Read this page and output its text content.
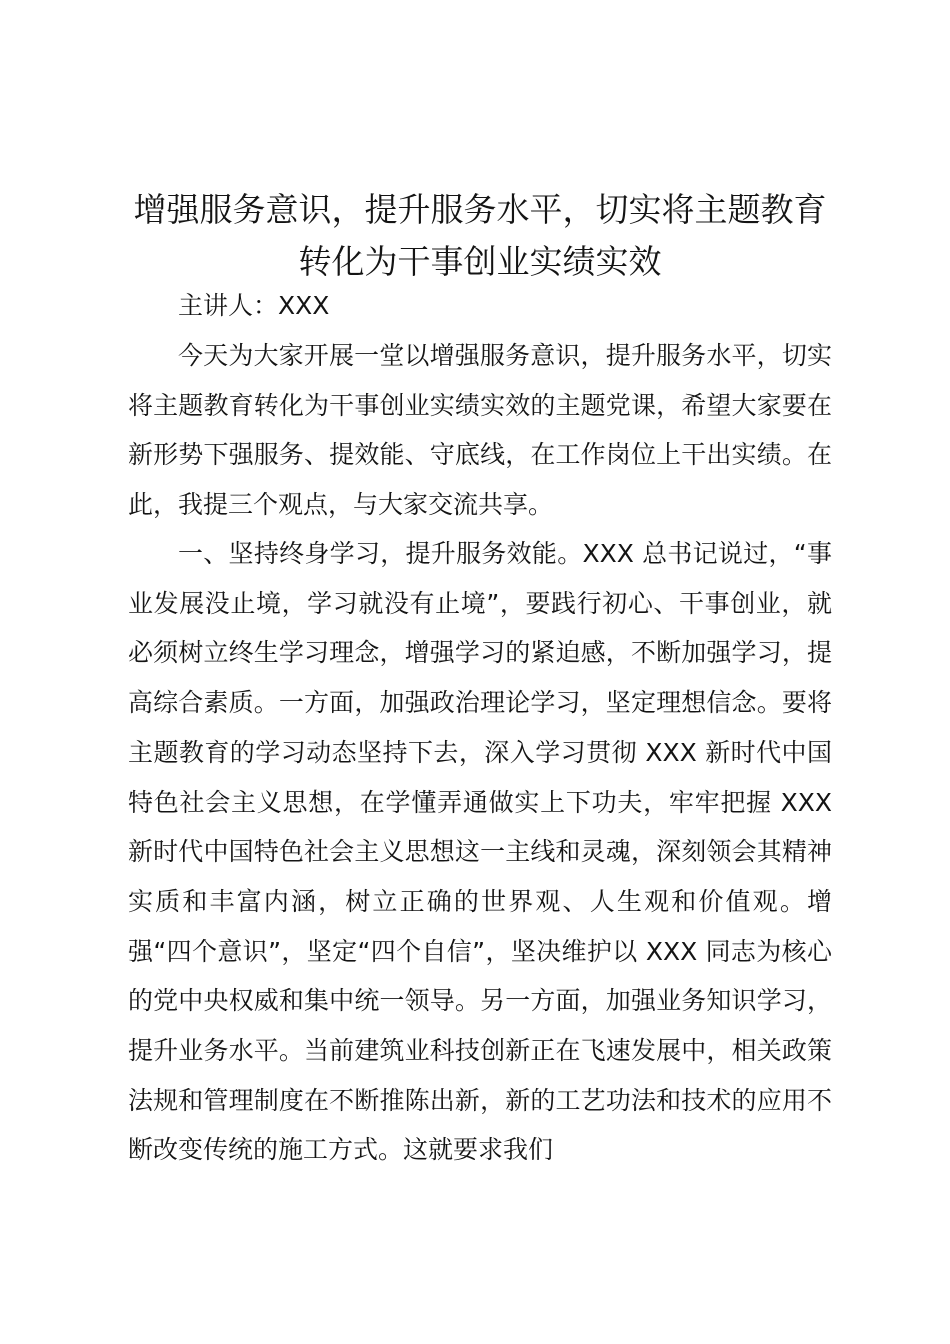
增强服务意识，提升服务水平，切实将主题教育转化为干事创业实绩实效

主讲人：XXX

今天为大家开展一堂以增强服务意识，提升服务水平，切实将主题教育转化为干事创业实绩实效的主题党课，希望大家要在新形势下强服务、提效能、守底线，在工作岗位上干出实绩。在此，我提三个观点，与大家交流共享。

一、坚持终身学习，提升服务效能。XXX 总书记说过，“事业发展没止境，学习就没有止境”，要践行初心、干事创业，就必须树立终生学习理念，增强学习的紧迫感，不断加强学习，提高综合素质。一方面，加强政治理论学习，坚定理想信念。要将主题教育的学习动态坚持下去，深入学习贯彻 XXX 新时代中国特色社会主义思想，在学懂弄通做实上下功夫，牢牢把握 XXX 新时代中国特色社会主义思想这一主线和灵魂，深刻领会其精神实质和丰富内涵，树立正确的世界观、人生观和价值观。增强“四个意识”，坚定“四个自信”，坚决维护以 XXX 同志为核心的党中央权威和集中统一领导。另一方面，加强业务知识学习，提升业务水平。当前建筑业科技创新正在飞速发展中，相关政策法规和管理制度在不断推陈出新，新的工艺功法和技术的应用不断改变传统的施工方式。这就要求我们
